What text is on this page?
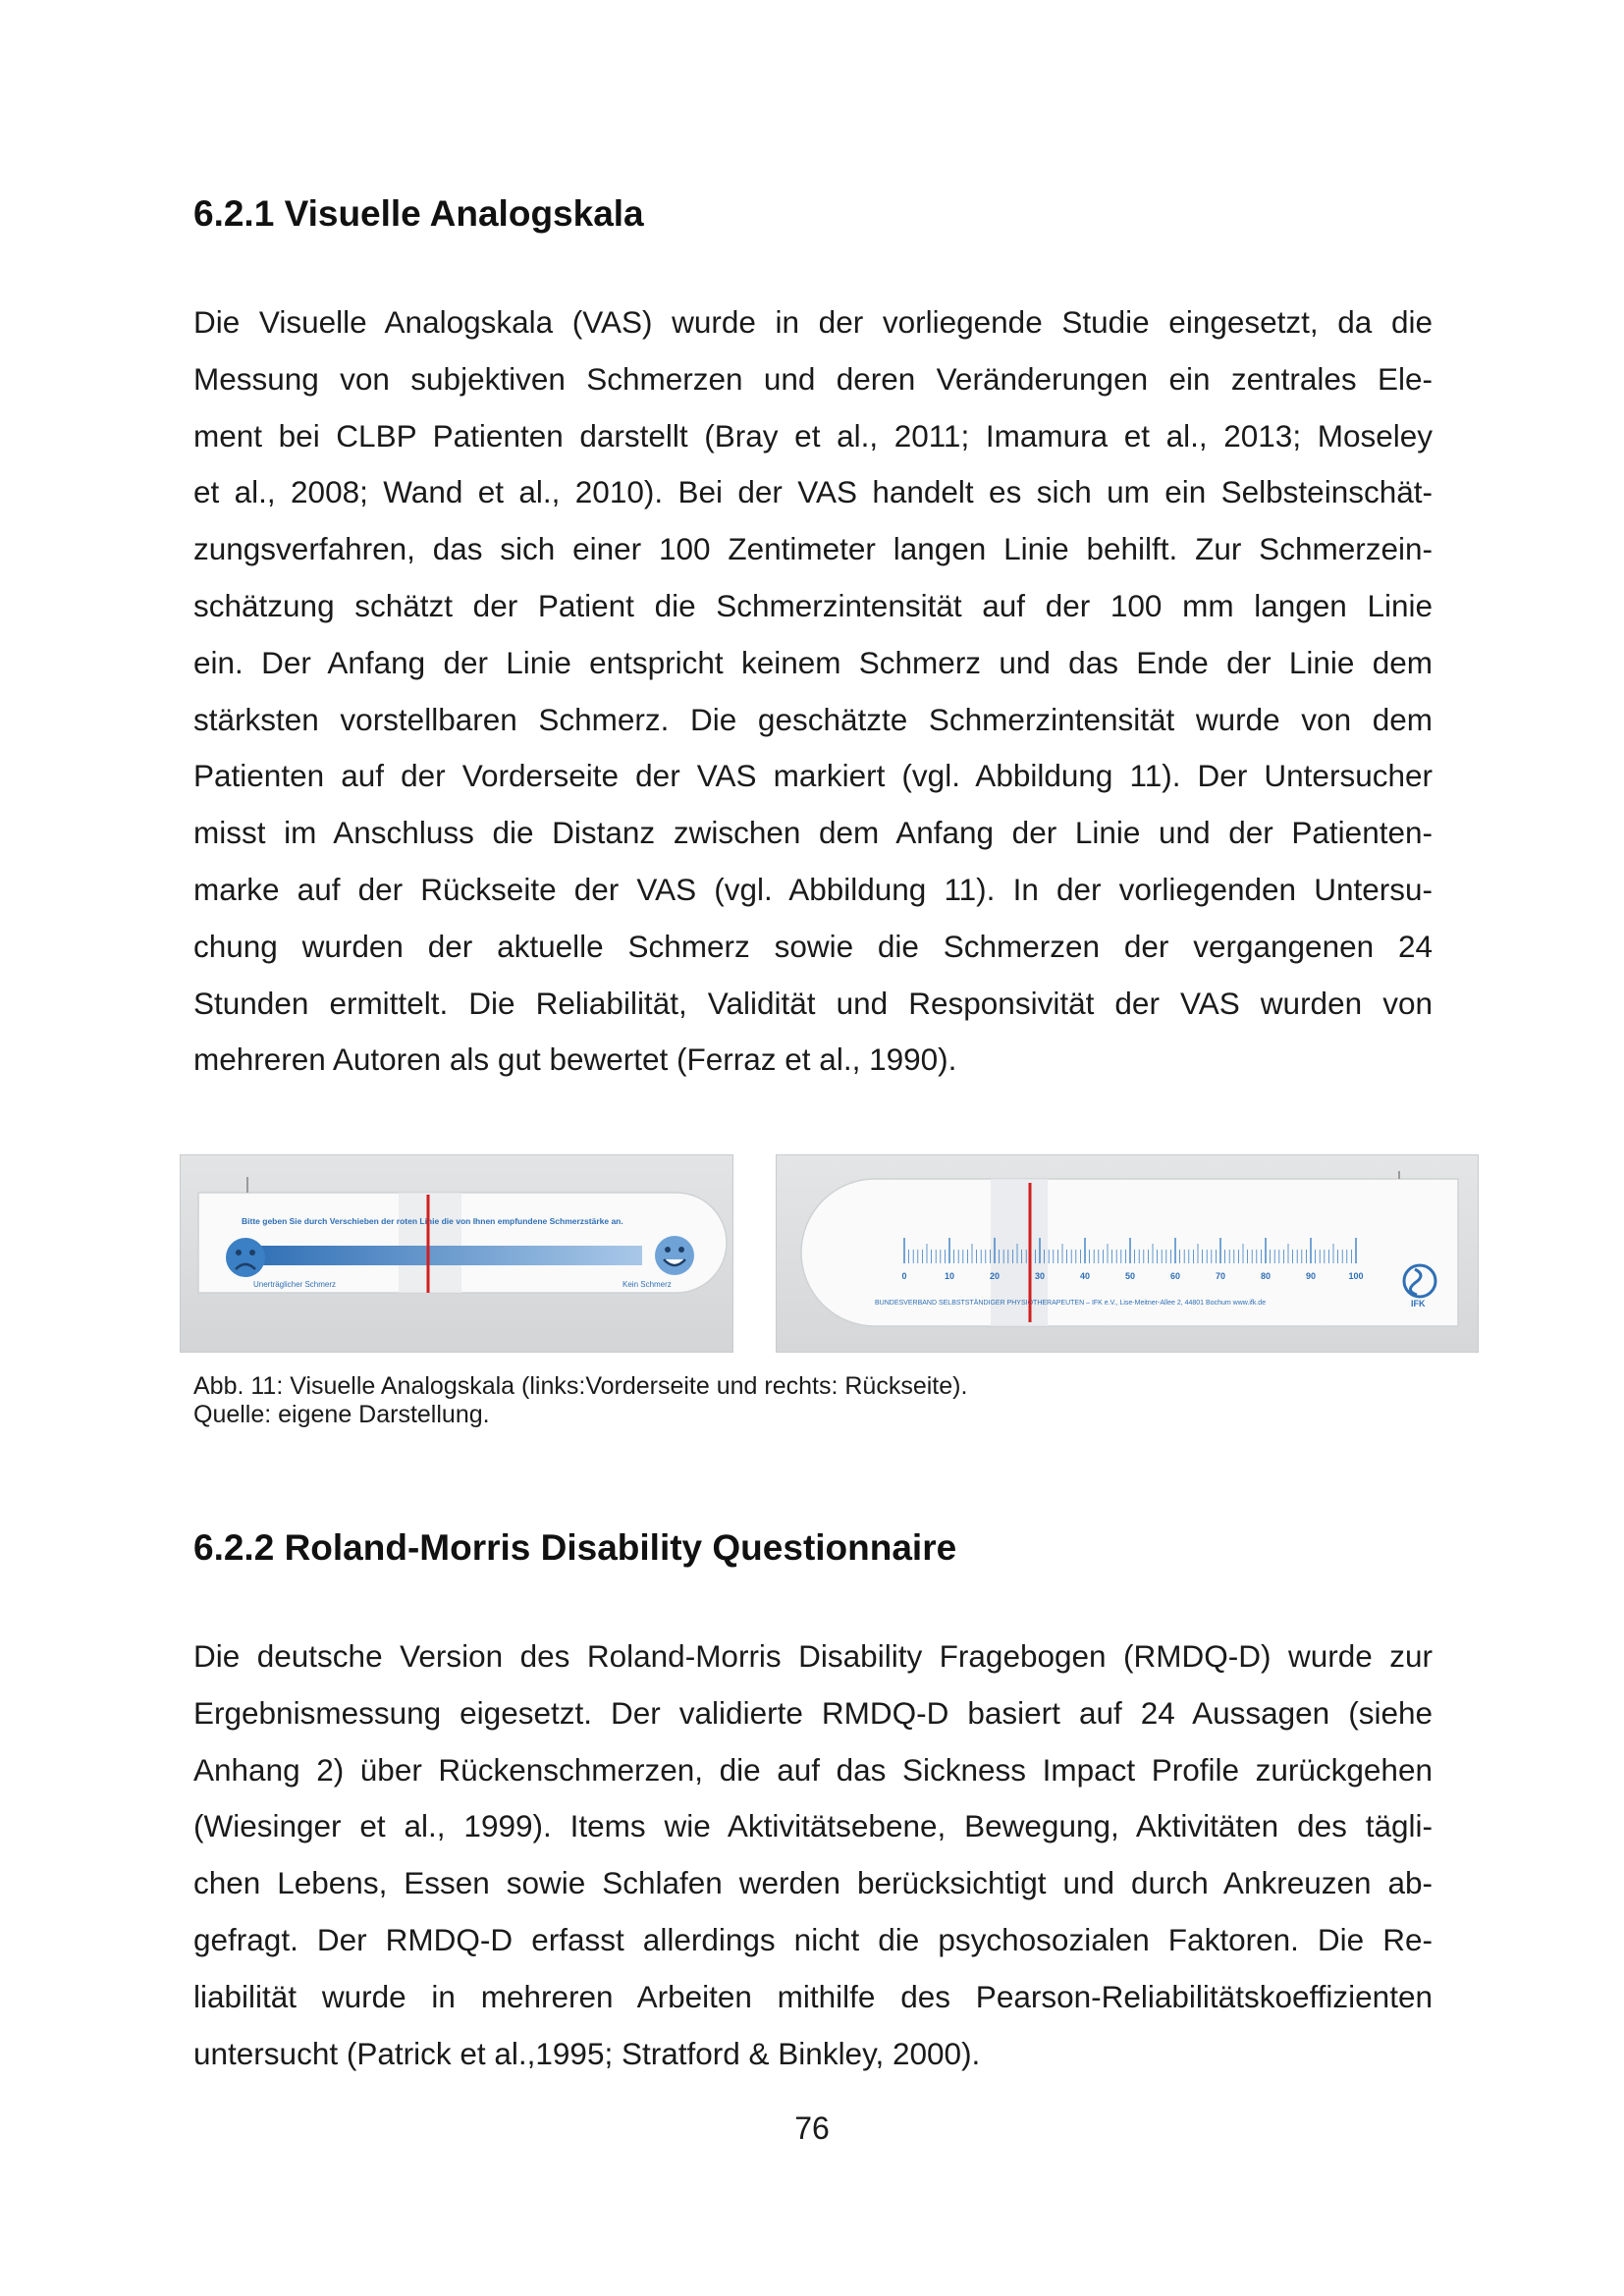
6.2.1 Visuelle Analogskala
Die Visuelle Analogskala (VAS) wurde in der vorliegende Studie eingesetzt, da die
Messung von subjektiven Schmerzen und deren Veränderungen ein zentrales Ele-
ment bei CLBP Patienten darstellt (Bray et al., 2011; Imamura et al., 2013; Moseley
et al., 2008; Wand et al., 2010). Bei der VAS handelt es sich um ein Selbsteinschät-
zungsverfahren, das sich einer 100 Zentimeter langen Linie behilft. Zur Schmerzein-
schätzung schätzt der Patient die Schmerzintensität auf der 100 mm langen Linie
ein. Der Anfang der Linie entspricht keinem Schmerz und das Ende der Linie dem
stärksten vorstellbaren Schmerz. Die geschätzte Schmerzintensität wurde von dem
Patienten auf der Vorderseite der VAS markiert (vgl. Abbildung 11). Der Untersucher
misst im Anschluss die Distanz zwischen dem Anfang der Linie und der Patienten-
marke auf der Rückseite der VAS (vgl. Abbildung 11). In der vorliegenden Untersu-
chung wurden der aktuelle Schmerz sowie die Schmerzen der vergangenen 24
Stunden ermittelt. Die Reliabilität, Validität und Responsivität der VAS wurden von
mehreren Autoren als gut bewertet (Ferraz et al., 1990).
Bitte geben Sie durch Verschieben der roten Linie die von Ihnen empfundene Schmerzstärke an.
Unerträglicher Schmerz	Kein Schmerz
0	10	20	30	40	50	60	70	80	90	100
BUNDESVERBAND SELBSTSTÄNDIGER PHYSIOTHERAPEUTEN – IFK e.V., Lise-Meitner-Allee 2, 44801 Bochum www.ifk.de	IFK
Abb. 11: Visuelle Analogskala (links:Vorderseite und rechts: Rückseite).
Quelle: eigene Darstellung.
6.2.2 Roland-Morris Disability Questionnaire
Die deutsche Version des Roland-Morris Disability Fragebogen (RMDQ-D) wurde zur
Ergebnismessung eigesetzt. Der validierte RMDQ-D basiert auf 24 Aussagen (siehe
Anhang 2) über Rückenschmerzen, die auf das Sickness Impact Profile zurückgehen
(Wiesinger et al., 1999). Items wie Aktivitätsebene, Bewegung, Aktivitäten des tägli-
chen Lebens, Essen sowie Schlafen werden berücksichtigt und durch Ankreuzen ab-
gefragt. Der RMDQ-D erfasst allerdings nicht die psychosozialen Faktoren. Die Re-
liabilität wurde in mehreren Arbeiten mithilfe des Pearson-Reliabilitätskoeffizienten
untersucht (Patrick et al.,1995; Stratford & Binkley, 2000).
76
